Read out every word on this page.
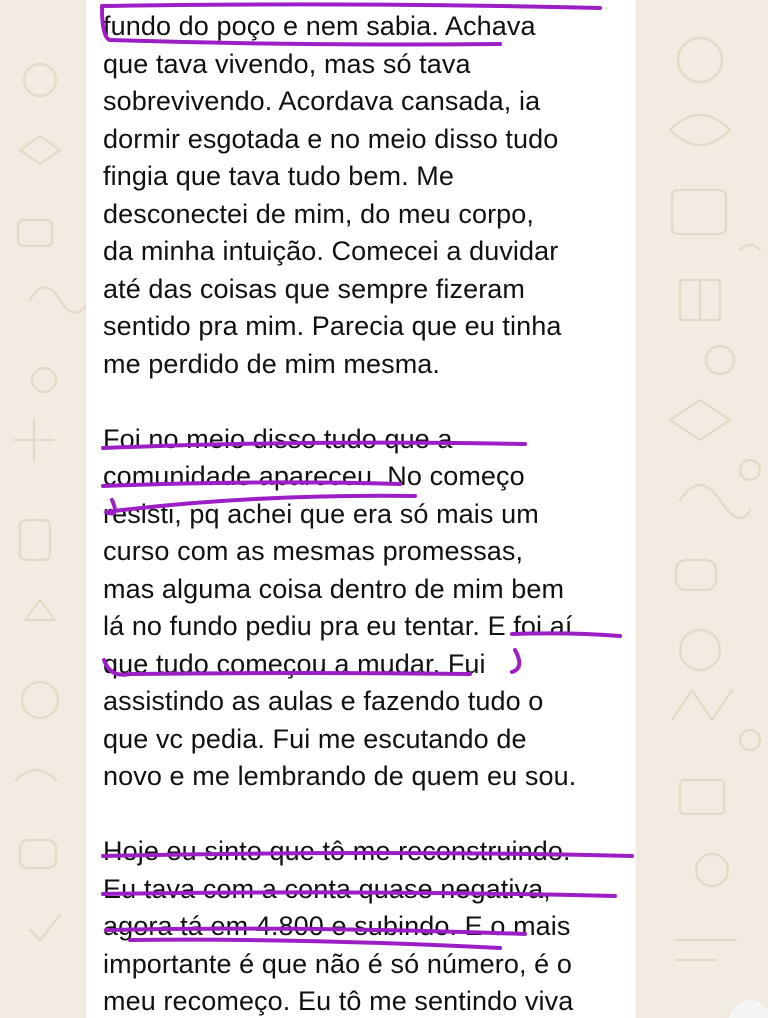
fundo do poço e nem sabia. Achava
que tava vivendo, mas só tava
sobrevivendo. Acordava cansada, ia
dormir esgotada e no meio disso tudo
fingia que tava tudo bem. Me
desconectei de mim, do meu corpo,
da minha intuição. Comecei a duvidar
até das coisas que sempre fizeram
sentido pra mim. Parecia que eu tinha
me perdido de mim mesma.
Foi no meio disso tudo que a
comunidade apareceu. No começo
resisti, pq achei que era só mais um
curso com as mesmas promessas,
mas alguma coisa dentro de mim bem
lá no fundo pediu pra eu tentar. E foi aí
que tudo começou a mudar. Fui
assistindo as aulas e fazendo tudo o
que vc pedia. Fui me escutando de
novo e me lembrando de quem eu sou.
Hoje eu sinto que tô me reconstruindo.
Eu tava com a conta quase negativa,
agora tá em 4.800 e subindo. E o mais
importante é que não é só número, é o
meu recomeço. Eu tô me sentindo viva
